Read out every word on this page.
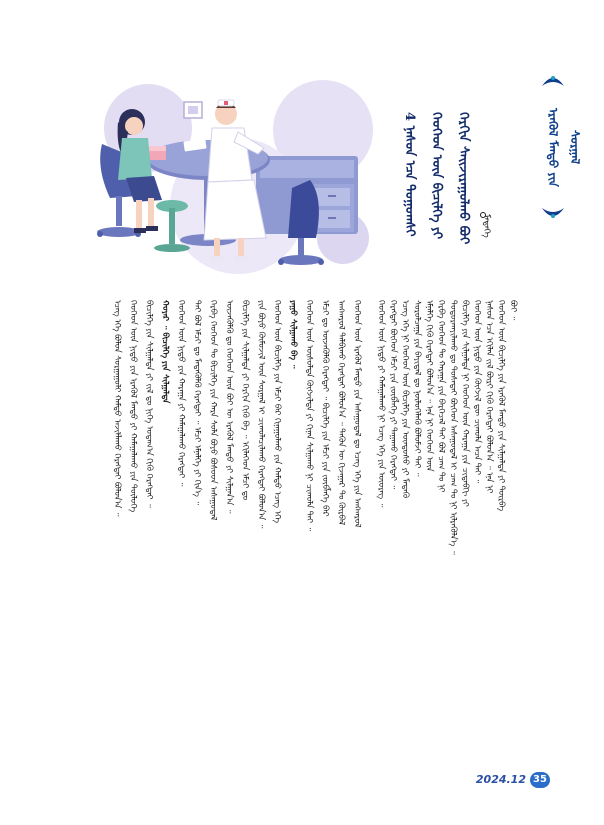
ᠡᠷᠡᠭᠦᠯ ᠮᠡᠨᠳᠦ ᠶᠢᠨ ᠰᠤᠷᠭᠠᠯ
4 ᠨᠠᠰᠤᠨ ᠡᠴᠡ ᠳᠣᠭᠣᠭᠰᠢ ᠬᠡᠦᠬᠡᠳ ᠦᠨ ᠪᠢᠴᠢᠯᠭᠡ ᠶᠢ ᠬᠡᠷᠬᠢᠨ ᠰᠠᠢᠵᠢᠷᠠᠭᠤᠯᠬᠤ ᠪᠤᠢ	ᠮᠡᠳᠡᠭᠡ
ᠪᠤᠢ ᠃
ᠬᠡᠦᠬᠡᠳ ᠦᠨ ᠪᠢᠴᠢᠯᠭᠡ ᠶᠢᠨ ᠡᠷᠡᠭᠦᠯ ᠮᠡᠨᠳᠦ ᠶᠢᠨ ᠰᠢᠯᠭᠠᠯᠲᠠ ᠶᠢ ᠳᠦᠷᠪᠡ
ᠨᠠᠰᠤᠨ ᠡᠴᠡ ᠡᠬᠢᠯᠡᠨ ᠵᠢᠯ ᠪᠦᠷᠢ ᠬᠢᠬᠦ ᠬᠡᠷᠡᠭᠲᠡᠢ ᠪᠣᠯᠤᠨ᠎ᠠ ᠃ ᠡᠨᠡ ᠨᠢ
ᠬᠡᠦᠬᠡᠳ ᠦᠨ ᠨᠢᠳᠦ ᠶᠢᠨ ᠬᠥᠭᠵᠢᠯ ᠳᠦ ᠴᠢᠬᠤᠯᠠ ᠠᠴᠠ ᠲᠠᠢ ᠃
ᠪᠢᠴᠢᠯᠭᠡ ᠶᠢᠨ ᠰᠢᠯᠭᠠᠯᠲᠠ ᠨᠢ ᠬᠡᠦᠬᠡᠳ ᠦᠨ ᠬᠠᠷᠠᠭᠠ ᠶᠢᠨ ᠴᠢᠳᠠᠪᠬᠢ ᠶᠢ
ᠲᠣᠳᠣᠷᠬᠠᠶᠢᠯᠠᠬᠤ ᠳᠤ ᠲᠤᠰᠠᠲᠠᠢ ᠪᠥᠭᠡᠳ ᠠᠰᠠᠭᠤᠳᠠᠯ ᠢ ᠴᠠᠭ ᠲᠤ ᠨᠢ ᠢᠯᠷᠡᠭᠦᠯᠨ᠎ᠡ ᠃
ᠬᠡᠷᠪᠡ ᠬᠡᠦᠬᠡᠳ ᠲᠤ ᠬᠠᠷᠠᠭᠠ ᠶᠢᠨ ᠪᠡᠷᠬᠡᠴᠡᠯ ᠲᠠᠢ ᠪᠣᠯ ᠴᠠᠭ ᠲᠤ ᠨᠢ
ᠡᠮᠨᠡᠯᠭᠡ ᠬᠢᠬᠦ ᠬᠡᠷᠡᠭᠲᠡᠢ ᠪᠣᠯᠤᠨ᠎ᠠ ᠃ ᠡᠨᠡ ᠨᠢ ᠬᠡᠦᠬᠡᠳ ᠦᠨ
ᠰᠤᠷᠤᠯᠴᠠᠭᠠ ᠶᠢᠨ ᠪᠠᠶᠢᠳᠠᠯ ᠳᠤ ᠨᠥᠯᠥᠭᠡᠯᠡᠬᠦ ᠪᠣᠯᠤᠮᠵᠢ ᠲᠠᠢ ᠃
ᠡᠴᠡᠭ ᠡᠬᠡ ᠨᠢ ᠬᠡᠦᠬᠡᠳ ᠦᠨ ᠪᠢᠴᠢᠯᠭᠡ ᠶᠢᠨ ᠦᠨᠳᠦᠰᠦ ᠶᠢ ᠮᠡᠳᠡᠬᠦ
ᠬᠡᠷᠡᠭᠲᠡᠢ ᠪᠥᠭᠡᠳ ᠡᠮᠴᠢ ᠶᠢᠨ ᠵᠥᠪᠯᠡᠭᠡ ᠶᠢ ᠳᠠᠭᠠᠬᠤ ᠬᠡᠷᠡᠭᠲᠡᠢ ᠃
ᠬᠡᠦᠬᠡᠳ ᠦᠨ ᠨᠢᠳᠦ ᠶᠢ ᠬᠠᠮᠠᠭᠠᠯᠠᠬᠤ ᠨᠢ ᠡᠴᠡᠭ ᠡᠬᠡ ᠶᠢᠨ ᠦᠦᠷᠡᠭ ᠃
ᠬᠡᠦᠬᠡᠳ ᠦᠨ ᠡᠷᠡᠭᠦᠯ ᠮᠡᠨᠳᠦ ᠶᠢᠨ ᠠᠰᠠᠭᠤᠳᠠᠯ ᠳᠤ ᠡᠴᠡᠭ ᠡᠬᠡ ᠶᠢᠨ ᠠᠩᠬᠠᠷᠤᠯ
ᠠᠩᠬᠠᠷᠤᠯ ᠲᠠᠯᠪᠢᠬᠤ ᠬᠡᠷᠡᠭᠲᠡᠢ ᠪᠣᠯᠤᠨ᠎ᠠ ᠃ ᠲᠡᠭᠦᠨ ᠦ ᠬᠢᠵᠠᠭᠠᠷ ᠲᠤ ᠬᠦᠷᠪᠡᠯ
ᠡᠮᠴᠢ ᠳᠤ ᠦᠵᠡᠭᠦᠯᠬᠦ ᠬᠡᠷᠡᠭᠲᠡᠢ ᠃ ᠪᠢᠴᠢᠯᠭᠡ ᠶᠢᠨ ᠡᠮᠴᠢ ᠶᠢᠨ ᠵᠥᠪᠯᠡᠭᠡ ᠪᠡᠷ
ᠬᠡᠦᠬᠡᠳ ᠦᠨ ᠦᠰᠦᠯᠲᠡ ᠬᠥᠭᠵᠢᠯᠲᠡ ᠶᠢ ᠬᠢᠨᠠᠨ ᠰᠢᠯᠭᠠᠬᠤ ᠨᠢ ᠴᠢᠬᠤᠯᠠ ᠲᠠᠢ ᠃
ᠶᠠᠭᠤ ᠰᠢᠯᠭᠠᠬᠤ ᠪᠡ ᠃
ᠬᠡᠦᠬᠡᠳ ᠦᠨ ᠪᠢᠴᠢᠯᠭᠡ ᠶᠢᠨ ᠡᠮᠴᠢ ᠪᠡᠷ ᠬᠢᠨᠠᠭᠤᠯᠬᠤ ᠶᠢᠨ ᠬᠠᠮᠲᠤ ᠡᠴᠡᠭ ᠡᠬᠡ
ᠶᠢᠨ ᠪᠤᠶᠤ ᠬᠦᠮᠦᠵᠢᠯ ᠦᠨ ᠰᠤᠷᠭᠠᠯ ᠢ ᠴᠢᠬᠤᠯᠠᠴᠢᠯᠠᠬᠤ ᠬᠡᠷᠡᠭᠲᠡᠢ ᠪᠣᠯᠤᠨ᠎ᠠ ᠃
ᠪᠢᠴᠢᠯᠭᠡ ᠶᠢᠨ ᠰᠢᠯᠭᠠᠯᠲᠠ ᠶᠢ ᠬᠡᠷᠬᠢᠨ ᠬᠢᠬᠦ ᠪᠡ ᠃ ᠡᠬᠢᠯᠡᠭᠡᠳ ᠡᠮᠴᠢ ᠳᠤ
ᠦᠵᠡᠭᠦᠯᠬᠦ ᠳᠤ ᠬᠡᠦᠬᠡᠳ ᠦᠨ ᠪᠤᠶ ᠦ ᠡᠷᠡᠭᠦᠯ ᠮᠡᠨᠳᠦ ᠶᠢ ᠰᠢᠯᠭᠠᠨ᠎ᠠ ᠃
ᠬᠡᠷᠪᠡ ᠬᠡᠦᠬᠡᠳ ᠲᠤ ᠪᠢᠴᠢᠯᠭᠡ ᠶᠢᠨ ᠬᠠᠷᠠ ᠰᠤᠯᠠ ᠪᠤᠶᠤ ᠪᠤᠰᠤᠳ ᠠᠰᠠᠭᠤᠳᠠᠯ
ᠲᠠᠢ ᠪᠣᠯ ᠡᠮᠴᠢ ᠳᠤ ᠮᠡᠳᠡᠭᠦᠯᠬᠦ ᠬᠡᠷᠡᠭᠲᠡᠢ ᠃ ᠡᠮᠴᠢ ᠡᠮᠨᠡᠯᠭᠡ ᠶᠢ ᠬᠢᠨ᠎ᠡ ᠃
ᠬᠡᠦᠬᠡᠳ ᠦᠨ ᠨᠢᠳᠦ ᠶᠢᠨ ᠬᠠᠷᠠᠭᠠ ᠶᠢ ᠬᠠᠮᠠᠭᠠᠯᠠᠬᠤ ᠬᠡᠷᠡᠭᠲᠡᠢ ᠃
ᠬᠣᠶᠠᠷ ᠃ ᠪᠢᠴᠢᠯᠭᠡ ᠶᠢᠨ ᠰᠢᠯᠭᠠᠯᠲᠠ
ᠪᠢᠴᠢᠯᠭᠡ ᠶᠢᠨ ᠰᠢᠯᠭᠠᠯᠲᠠ ᠶᠢ ᠵᠢᠯ ᠳᠤ ᠨᠢᠭᠡ ᠤᠳᠠᠭ᠎ᠠ ᠬᠢᠬᠦ ᠬᠡᠷᠡᠭᠲᠡᠢ ᠃
ᠬᠡᠦᠬᠡᠳ ᠦᠨ ᠨᠢᠳᠦ ᠶᠢᠨ ᠡᠷᠡᠭᠦᠯ ᠮᠡᠨᠳᠦ ᠶᠢ ᠬᠠᠮᠠᠭᠠᠯᠠᠬᠤ ᠶᠢᠨ ᠲᠥᠯᠦᠭᠡ
ᠡᠴᠡᠭ ᠡᠬᠡ ᠪᠤᠯᠤᠨ ᠰᠤᠷᠭᠠᠭᠤᠯᠢ ᠬᠠᠮᠲᠤ ᠠᠵᠢᠯᠯᠠᠬᠤ ᠬᠡᠷᠡᠭᠲᠡᠢ ᠪᠣᠯᠤᠨ᠎ᠠ ᠃
2024.12 35
